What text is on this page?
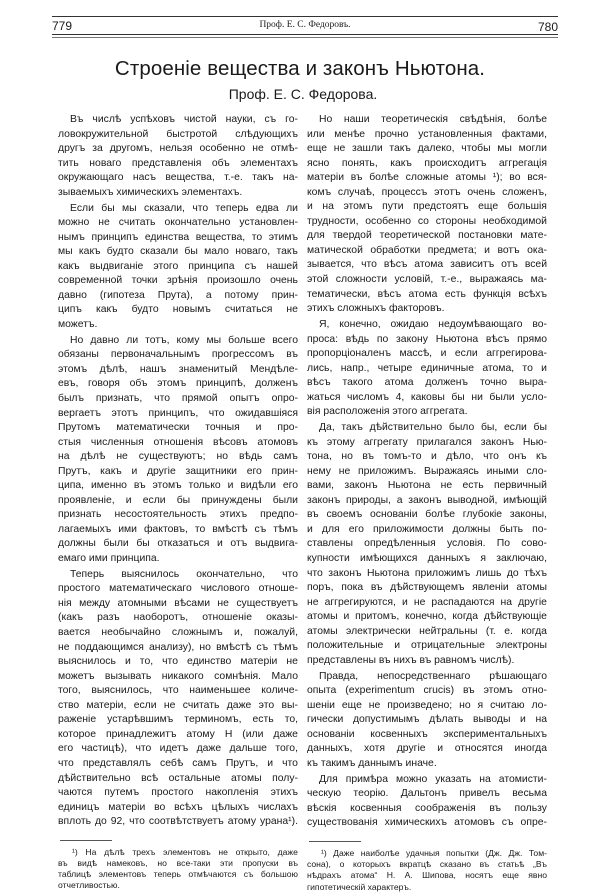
779	Проф. Е. С. Федоровъ.	780
Строеніе вещества и законъ Ньютона.
Проф. Е. С. Федорова.
Въ числѣ успѣховъ чистой науки, съ го-
ловокружительной быстротой слѣдующихъ
другъ за другомъ, нельзя особенно не отмѣ-
тить новаго представленія объ элементахъ
окружающаго насъ вещества, т.-е. такъ на-
зываемыхъ химическихъ элементахъ.
Если бы мы сказали, что теперь едва ли
можно не считать окончательно установлен-
нымъ принципъ единства вещества, то этимъ
мы какъ будто сказали бы мало новаго, такъ
какъ выдвиганіе этого принципа съ нашей
современной точки зрѣнія произошло очень
давно (гипотеза Прута), а потому прин-
ципъ какъ будто новымъ считаться не
можетъ.
Но давно ли тотъ, кому мы больше всего
обязаны первоначальнымъ прогрессомъ въ
этомъ дѣлѣ, нашъ знаменитый Мендѣле-
евъ, говоря объ этомъ принципѣ, долженъ
былъ признать, что прямой опытъ опро-
вергаетъ этотъ принципъ, что ожидавшіяся
Прутомъ математически точныя и про-
стыя численныя отношенія вѣсовъ атомовъ
на дѣлѣ не существуютъ; но вѣдь самъ
Прутъ, какъ и другіе защитники его прин-
ципа, именно въ этомъ только и видѣли его
проявленіе, и если бы принуждены были
признать несостоятельность этихъ предпо-
лагаемыхъ ими фактовъ, то вмѣстѣ съ тѣмъ
должны были бы отказаться и отъ выдвига-
емаго ими принципа.
Теперь выяснилось окончательно, что
простого математическаго числового отноше-
нія между атомными вѣсами не существуетъ
(какъ разъ наоборотъ, отношеніе оказы-
вается необычайно сложнымъ и, пожалуй,
не поддающимся анализу), но вмѣстѣ съ тѣмъ
выяснилось и то, что единство матеріи не
можетъ вызывать никакого сомнѣнія. Мало
того, выяснилось, что наименьшее количе-
ство матеріи, если не считать даже это вы-
раженіе устарѣвшимъ терминомъ, есть то,
которое принадлежитъ атому H (или даже
его частицѣ), что идетъ даже дальше того,
что представлялъ себѣ самъ Прутъ, и что
дѣйствительно всѣ остальные атомы полу-
чаются путемъ простого накопленія этихъ
единицъ матеріи во всѣхъ цѣлыхъ числахъ
вплоть до 92, что соотвѣтствуетъ атому урана¹).
¹) На дѣлѣ трехъ элементовъ не открыто, даже
въ видѣ намековъ, но все-таки эти пропуски въ
таблицѣ элементовъ теперь отмѣчаются съ большою
отчетливостью.
Но наши теоретическія свѣдѣнія, болѣе
или менѣе прочно установленныя фактами,
еще не зашли такъ далеко, чтобы мы могли
ясно понять, какъ происходитъ аггрегація
матеріи въ болѣе сложные атомы ¹); во вся-
комъ случаѣ, процессъ этотъ очень сложенъ,
и на этомъ пути предстоятъ еще большія
трудности, особенно со стороны необходимой
для твердой теоретической постановки мате-
матической обработки предмета; и вотъ ока-
зывается, что вѣсъ атома зависитъ отъ всей
этой сложности условій, т.-е., выражаясь ма-
тематически, вѣсъ атома есть функція всѣхъ
этихъ сложныхъ факторовъ.
Я, конечно, ожидаю недоумѣвающаго во-
проса: вѣдь по закону Ньютона вѣсъ прямо
пропорціоналенъ массѣ, и если аггрегирова-
лись, напр., четыре единичные атома, то и
вѣсъ такого атома долженъ точно выра-
жаться числомъ 4, каковы бы ни были усло-
вія расположенія этого аггрегата.
Да, такъ дѣйствительно было бы, если бы
къ этому аггрегату прилагался законъ Нью-
тона, но въ томъ-то и дѣло, что онъ къ
нему не приложимъ. Выражаясь иными сло-
вами, законъ Ньютона не есть первичный
законъ природы, а законъ выводной, имѣющій
въ своемъ основаніи болѣе глубокіе законы,
и для его приложимости должны быть по-
ставлены опредѣленныя условія. По сово-
купности имѣющихся данныхъ я заключаю,
что законъ Ньютона приложимъ лишь до тѣхъ
поръ, пока въ дѣйствующемъ явленіи атомы
не аггрегируются, и не распадаются на другіе
атомы и притомъ, конечно, когда дѣйствующіе
атомы электрически нейтральны (т. е. когда
положительные и отрицательные электроны
представлены въ нихъ въ равномъ числѣ).
Правда, непосредственнаго рѣшающаго
опыта (experimentum crucis) въ этомъ отно-
шеніи еще не произведено; но я считаю ло-
гически допустимымъ дѣлать выводы и на
основаніи косвенныхъ экспериментальныхъ
данныхъ, хотя другіе и относятся иногда
къ такимъ даннымъ иначе.
Для примѣра можно указать на атомисти-
ческую теорію. Дальтонъ привелъ весьма
вѣскія косвенныя соображенія въ пользу
существованія химическихъ атомовъ съ опре-
¹) Даже наиболѣе удачныя попытки (Дж. Дж. Том-
сона), о которыхъ вкратцѣ сказано въ статьѣ „Въ
нѣдрахъ атома“ Н. А. Шипова, носятъ еще явно
гипотетическій характеръ.
